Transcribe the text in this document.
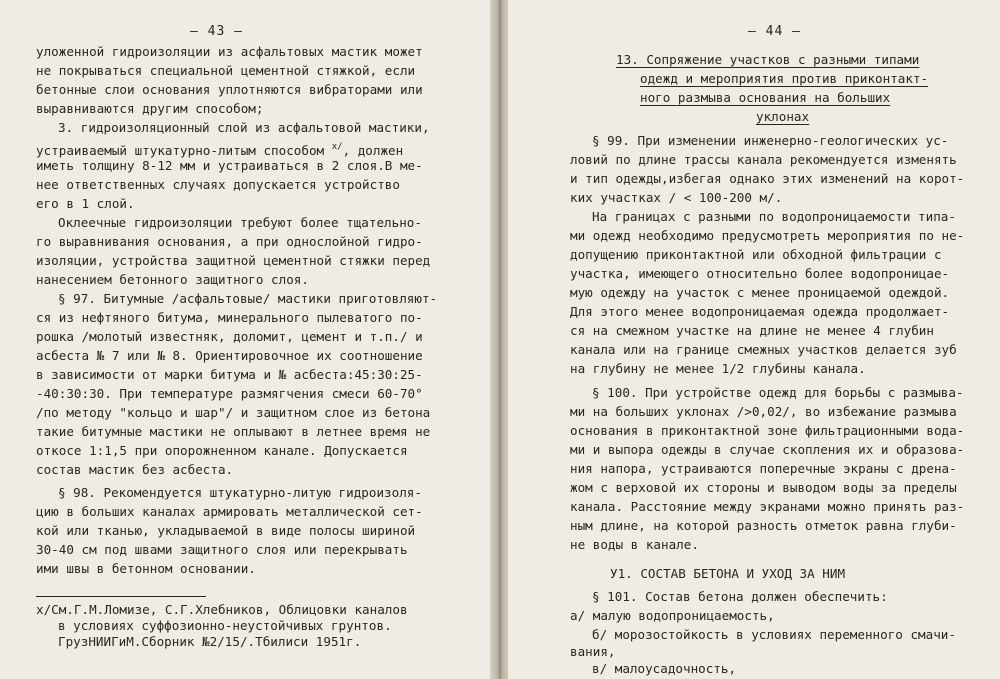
— 43 —
уложенной гидроизоляции из асфальтовых мастик может
не покрываться специальной цементной стяжкой, если
бетонные слои основания уплотняются вибраторами или
выравниваются другим способом;
3. гидроизоляционный слой из асфальтовой мастики,
устраиваемый штукатурно-литым способом $^{x/}$, должен
иметь толщину 8-12 мм и устраиваться в 2 слоя.В ме-
нее ответственных случаях допускается устройство
его в 1 слой.
Оклеечные гидроизоляции требуют более тщательно-
го выравнивания основания, а при однослойной гидро-
изоляции, устройства защитной цементной стяжки перед
нанесением бетонного защитного слоя.
§ 97. Битумные /асфальтовые/ мастики приготовляют-
ся из нефтяного битума, минерального пылеватого по-
рошка /молотый известняк, доломит, цемент и т.п./ и
асбеста № 7 или № 8. Ориентировочное их соотношение
в зависимости от марки битума и № асбеста:45:30:25-
-40:30:30. При температуре размягчения смеси 60-70°
/по методу "кольцо и шар"/ и защитном слое из бетона
такие битумные мастики не оплывают в летнее время не
откосе 1:1,5 при опорожненном канале. Допускается
состав мастик без асбеста.
§ 98. Рекомендуется штукатурно-литую гидроизоля-
цию в больших каналах армировать металлической сет-
кой или тканью, укладываемой в виде полосы шириной
30-40 см под швами защитного слоя или перекрывать
ими швы в бетонном основании.
x/См.Г.М.Ломизе, С.Г.Хлебников, Облицовки каналов
в условиях суффозионно-неустойчивых грунтов.
ГрузНИИГиМ.Сборник №2/15/.Тбилиси 1951г.
— 44 —
13. Сопряжение участков с разными типами
одежд и мероприятия против приконтакт-
ного размыва основания на больших
уклонах
§ 99. При изменении инженерно-геологических ус-
ловий по длине трассы канала рекомендуется изменять
и тип одежды,избегая однако этих изменений на корот-
ких участках / < 100-200 м/.
На границах с разными по водопроницаемости типа-
ми одежд необходимо предусмотреть мероприятия по не-
допущению приконтактной или обходной фильтрации с
участка, имеющего относительно более водопроницае-
мую одежду на участок с менее проницаемой одеждой.
Для этого менее водопроницаемая одежда продолжает-
ся на смежном участке на длине не менее 4 глубин
канала или на границе смежных участков делается зуб
на глубину не менее 1/2 глубины канала.
§ 100. При устройстве одежд для борьбы с размыва-
ми на больших уклонах />0,02/, во избежание размыва
основания в приконтактной зоне фильтрационными вода-
ми и выпора одежды в случае скопления их и образова-
ния напора, устраиваются поперечные экраны с дрена-
жом с верховой их стороны и выводом воды за пределы
канала. Расстояние между экранами можно принять раз-
ным длине, на которой разность отметок равна глуби-
не воды в канале.
У1. СОСТАВ БЕТОНА И УХОД ЗА НИМ
§ 101. Состав бетона должен обеспечить:
а/ малую водопроницаемость,
б/ морозостойкость в условиях переменного смачи-
вания,
в/ малоусадочность,
